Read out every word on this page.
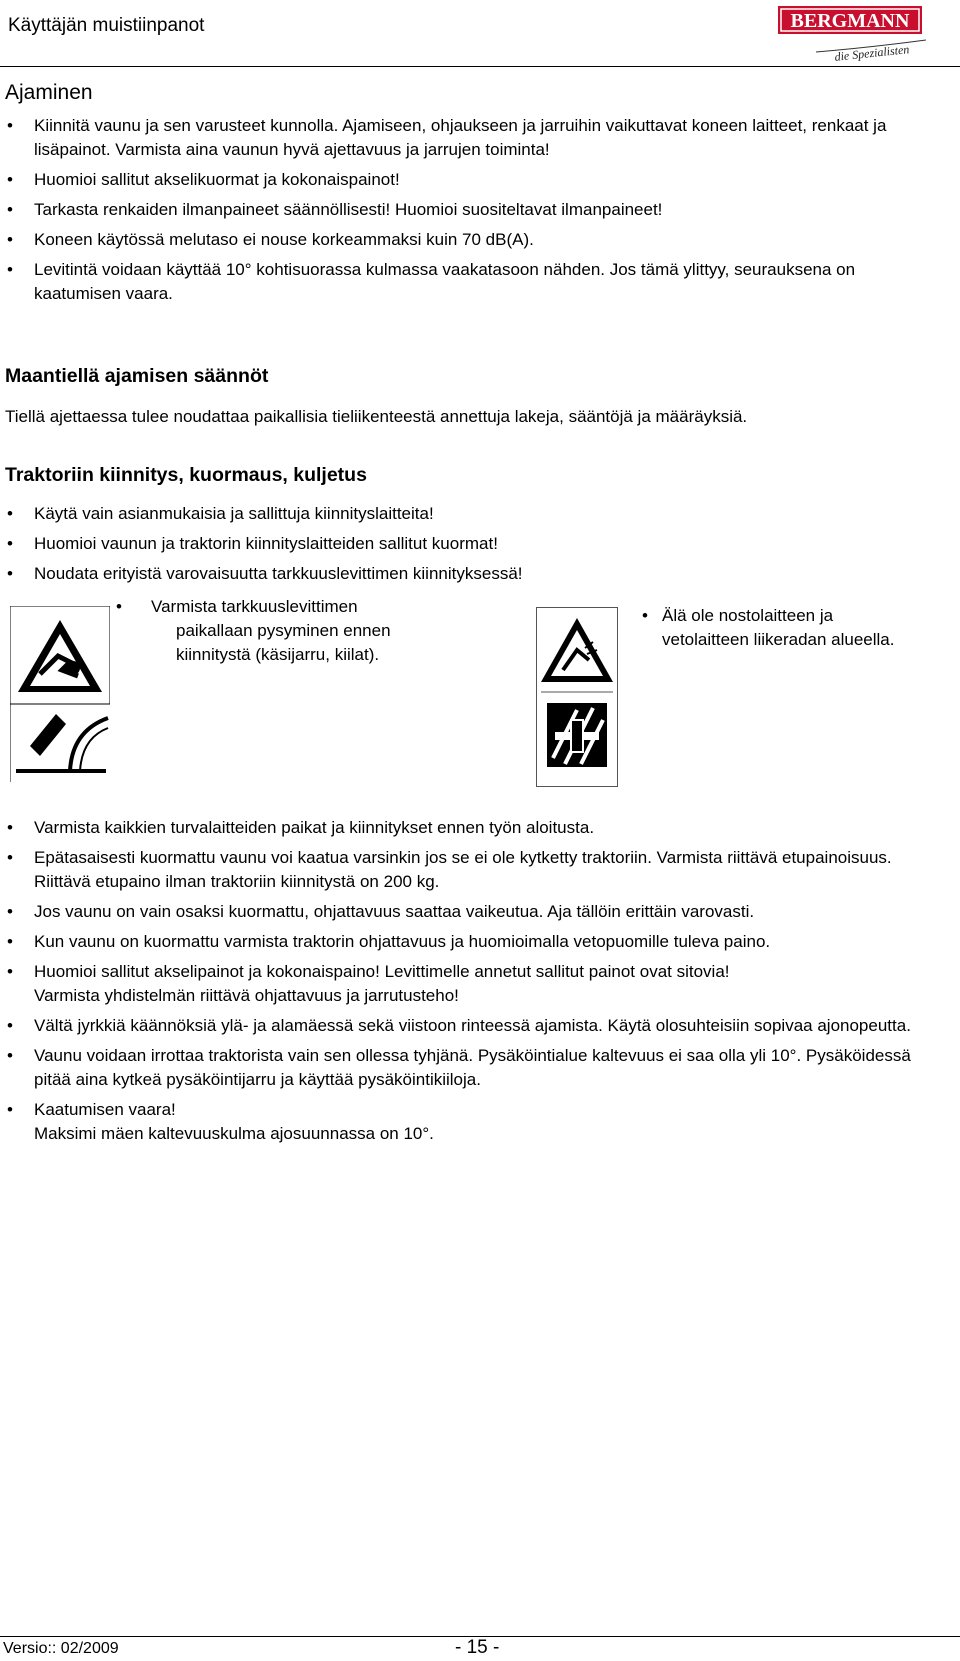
Käyttäjän muistiinpanot	BERGMANN
die Spezialisten
Ajaminen
• Kiinnitä vaunu ja sen varusteet kunnolla. Ajamiseen, ohjaukseen ja jarruihin vaikuttavat koneen laitteet, renkaat ja lisäpainot. Varmista aina vaunun hyvä ajettavuus ja jarrujen toiminta!
• Huomioi sallitut akselikuormat ja kokonaispainot!
• Tarkasta renkaiden ilmanpaineet säännöllisesti! Huomioi suositeltavat ilmanpaineet!
• Koneen käytössä melutaso ei nouse korkeammaksi kuin 70 dB(A).
• Levitintä voidaan käyttää 10° kohtisuorassa kulmassa vaakatasoon nähden. Jos tämä ylittyy, seurauksena on kaatumisen vaara.
Maantiellä ajamisen säännöt
Tiellä ajettaessa tulee noudattaa paikallisia tieliikenteestä annettuja lakeja, sääntöjä ja määräyksiä.
Traktoriin kiinnitys, kuormaus, kuljetus
• Käytä vain asianmukaisia ja sallittuja kiinnityslaitteita!
• Huomioi vaunun ja traktorin kiinnityslaitteiden sallitut kuormat!
• Noudata erityistä varovaisuutta tarkkuuslevittimen kiinnityksessä!
• Varmista tarkkuuslevittimen
paikallaan pysyminen ennen
kiinnitystä (käsijarru, kiilat).
• Älä ole nostolaitteen ja
vetolaitteen liikeradan alueella.
• Varmista kaikkien turvalaitteiden paikat ja kiinnitykset ennen työn aloitusta.
• Epätasaisesti kuormattu vaunu voi kaatua varsinkin jos se ei ole kytketty traktoriin. Varmista riittävä etupainoisuus. Riittävä etupaino ilman traktoriin kiinnitystä on 200 kg.
• Jos vaunu on vain osaksi kuormattu, ohjattavuus saattaa vaikeutua. Aja tällöin erittäin varovasti.
• Kun vaunu on kuormattu varmista traktorin ohjattavuus ja huomioimalla vetopuomille tuleva paino.
• Huomioi sallitut akselipainot ja kokonaispaino! Levittimelle annetut sallitut painot ovat sitovia!
Varmista yhdistelmän riittävä ohjattavuus ja jarrutusteho!
• Vältä jyrkkiä käännöksiä ylä- ja alamäessä sekä viistoon rinteessä ajamista. Käytä olosuhteisiin sopivaa ajonopeutta.
• Vaunu voidaan irrottaa traktorista vain sen ollessa tyhjänä. Pysäköintialue kaltevuus ei saa olla yli 10°. Pysäköidessä pitää aina kytkeä pysäköintijarru ja käyttää pysäköintikiiloja.
• Kaatumisen vaara!
Maksimi mäen kaltevuuskulma ajosuunnassa on 10°.
Versio:: 02/2009	- 15 -
